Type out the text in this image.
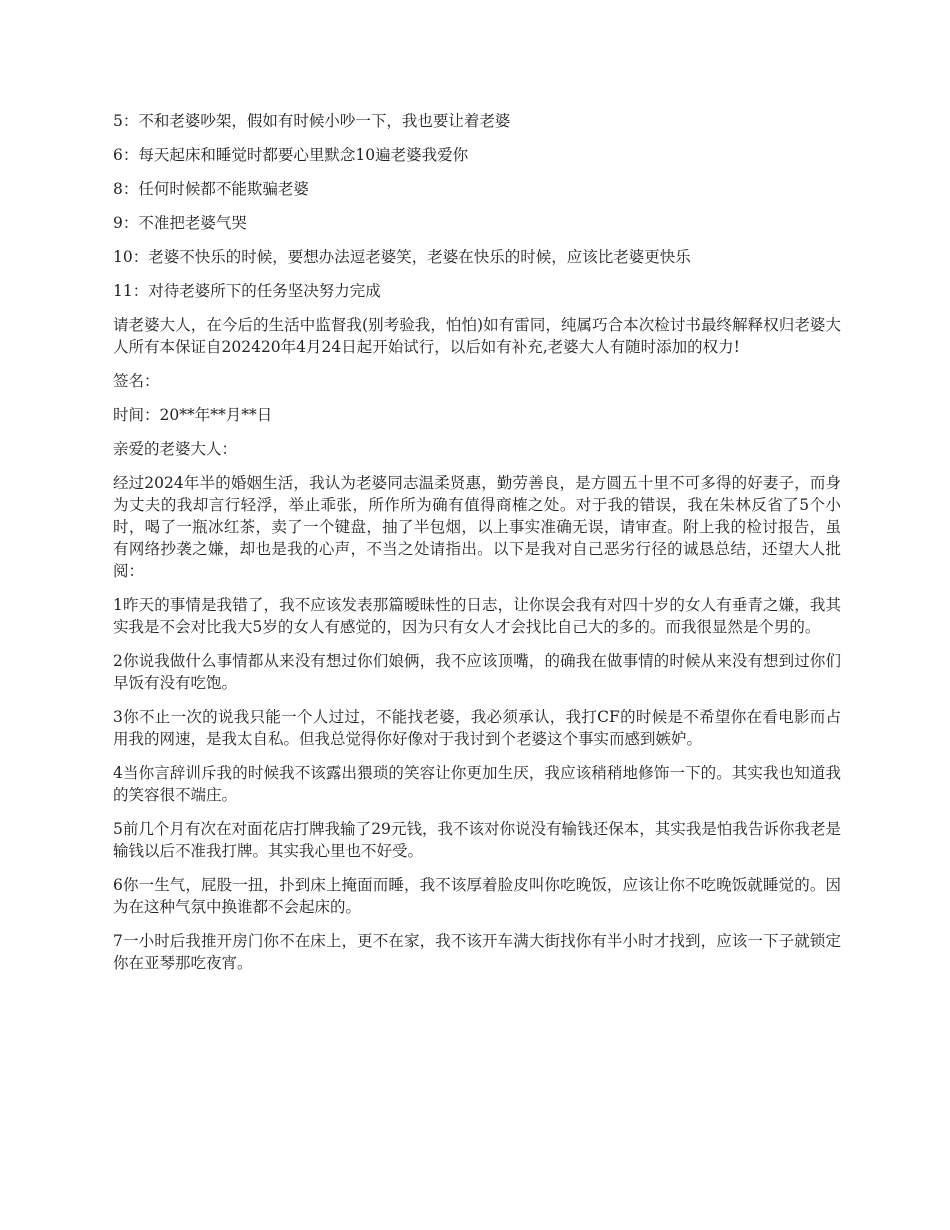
5：不和老婆吵架，假如有时候小吵一下，我也要让着老婆

6：每天起床和睡觉时都要心里默念10遍老婆我爱你

8：任何时候都不能欺骗老婆

9：不准把老婆气哭

10：老婆不快乐的时候，要想办法逗老婆笑，老婆在快乐的时候，应该比老婆更快乐

11：对待老婆所下的任务坚决努力完成

请老婆大人，在今后的生活中监督我(别考验我，怕怕)如有雷同，纯属巧合本次检讨书最终解释权归老婆大人所有本保证自202420年4月24日起开始试行，以后如有补充,老婆大人有随时添加的权力!

签名：

时间：20**年**月**日

亲爱的老婆大人：

经过2024年半的婚姻生活，我认为老婆同志温柔贤惠，勤劳善良，是方圆五十里不可多得的好妻子，而身为丈夫的我却言行轻浮，举止乖张，所作所为确有值得商榷之处。对于我的错误，我在朱林反省了5个小时，喝了一瓶冰红茶，卖了一个键盘，抽了半包烟，以上事实准确无误，请审查。附上我的检讨报告，虽有网络抄袭之嫌，却也是我的心声，不当之处请指出。以下是我对自己恶劣行径的诚恳总结，还望大人批阅：

1昨天的事情是我错了，我不应该发表那篇暧昧性的日志，让你误会我有对四十岁的女人有垂青之嫌，我其实我是不会对比我大5岁的女人有感觉的，因为只有女人才会找比自己大的多的。而我很显然是个男的。

2你说我做什么事情都从来没有想过你们娘俩，我不应该顶嘴，的确我在做事情的时候从来没有想到过你们早饭有没有吃饱。

3你不止一次的说我只能一个人过过，不能找老婆，我必须承认，我打CF的时候是不希望你在看电影而占用我的网速，是我太自私。但我总觉得你好像对于我讨到个老婆这个事实而感到嫉妒。

4当你言辞训斥我的时候我不该露出猥琐的笑容让你更加生厌，我应该稍稍地修饰一下的。其实我也知道我的笑容很不端庄。

5前几个月有次在对面花店打牌我输了29元钱，我不该对你说没有输钱还保本，其实我是怕我告诉你我老是输钱以后不准我打牌。其实我心里也不好受。

6你一生气，屁股一扭，扑到床上掩面而睡，我不该厚着脸皮叫你吃晚饭，应该让你不吃晚饭就睡觉的。因为在这种气氛中换谁都不会起床的。

7一小时后我推开房门你不在床上，更不在家，我不该开车满大街找你有半小时才找到，应该一下子就锁定你在亚琴那吃夜宵。
